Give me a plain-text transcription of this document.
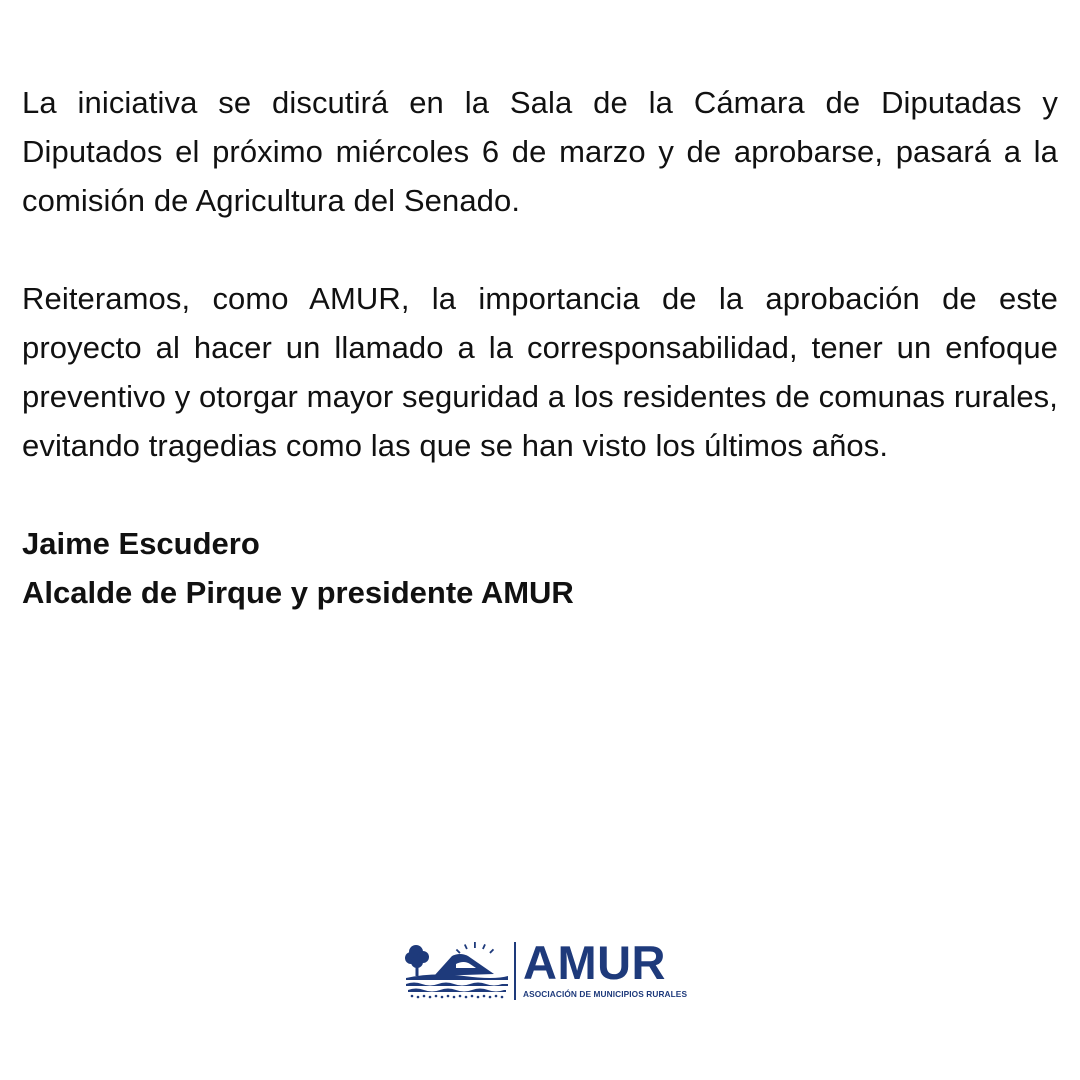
La iniciativa se discutirá en la Sala de la Cámara de Diputadas y Diputados el próximo miércoles 6 de marzo y de aprobarse, pasará a la comisión de Agricultura del Senado.

Reiteramos, como AMUR, la importancia de la aprobación de este proyecto al hacer un llamado a la corresponsabilidad, tener un enfoque preventivo y otorgar mayor seguridad a los residentes de comunas rurales, evitando tragedias como las que se han visto los últimos años.

Jaime Escudero
Alcalde de Pirque y presidente AMUR
AMUR
ASOCIACIÓN DE MUNICIPIOS RURALES
